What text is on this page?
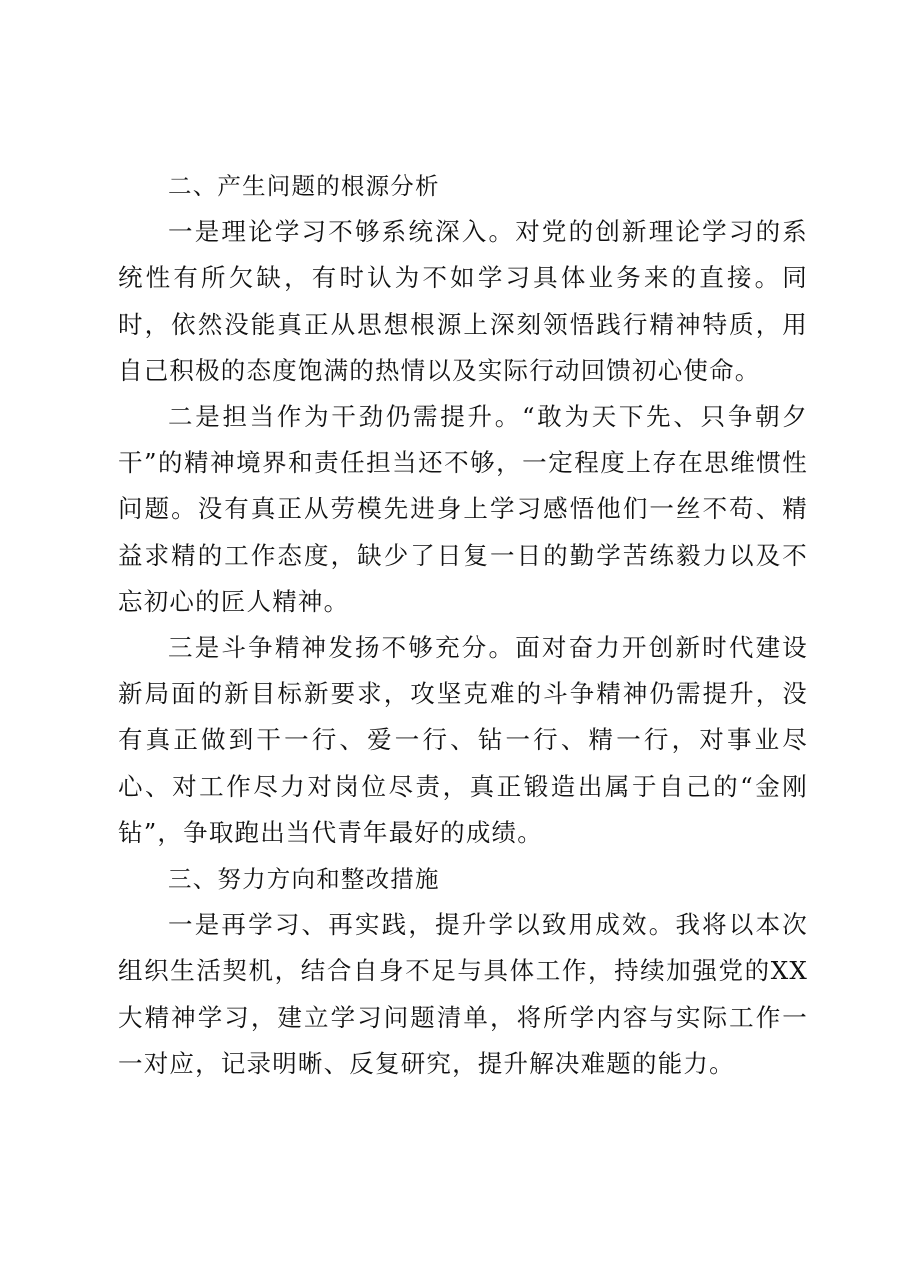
二、产生问题的根源分析

一是理论学习不够系统深入。对党的创新理论学习的系统性有所欠缺，有时认为不如学习具体业务来的直接。同时，依然没能真正从思想根源上深刻领悟践行精神特质，用自己积极的态度饱满的热情以及实际行动回馈初心使命。

二是担当作为干劲仍需提升。“敢为天下先、只争朝夕干”的精神境界和责任担当还不够，一定程度上存在思维惯性问题。没有真正从劳模先进身上学习感悟他们一丝不苟、精益求精的工作态度，缺少了日复一日的勤学苦练毅力以及不忘初心的匠人精神。

三是斗争精神发扬不够充分。面对奋力开创新时代建设新局面的新目标新要求，攻坚克难的斗争精神仍需提升，没有真正做到干一行、爱一行、钻一行、精一行，对事业尽心、对工作尽力对岗位尽责，真正锻造出属于自己的“金刚钻”，争取跑出当代青年最好的成绩。

三、努力方向和整改措施

一是再学习、再实践，提升学以致用成效。我将以本次组织生活契机，结合自身不足与具体工作，持续加强党的XX大精神学习，建立学习问题清单，将所学内容与实际工作一一对应，记录明晰、反复研究，提升解决难题的能力。
